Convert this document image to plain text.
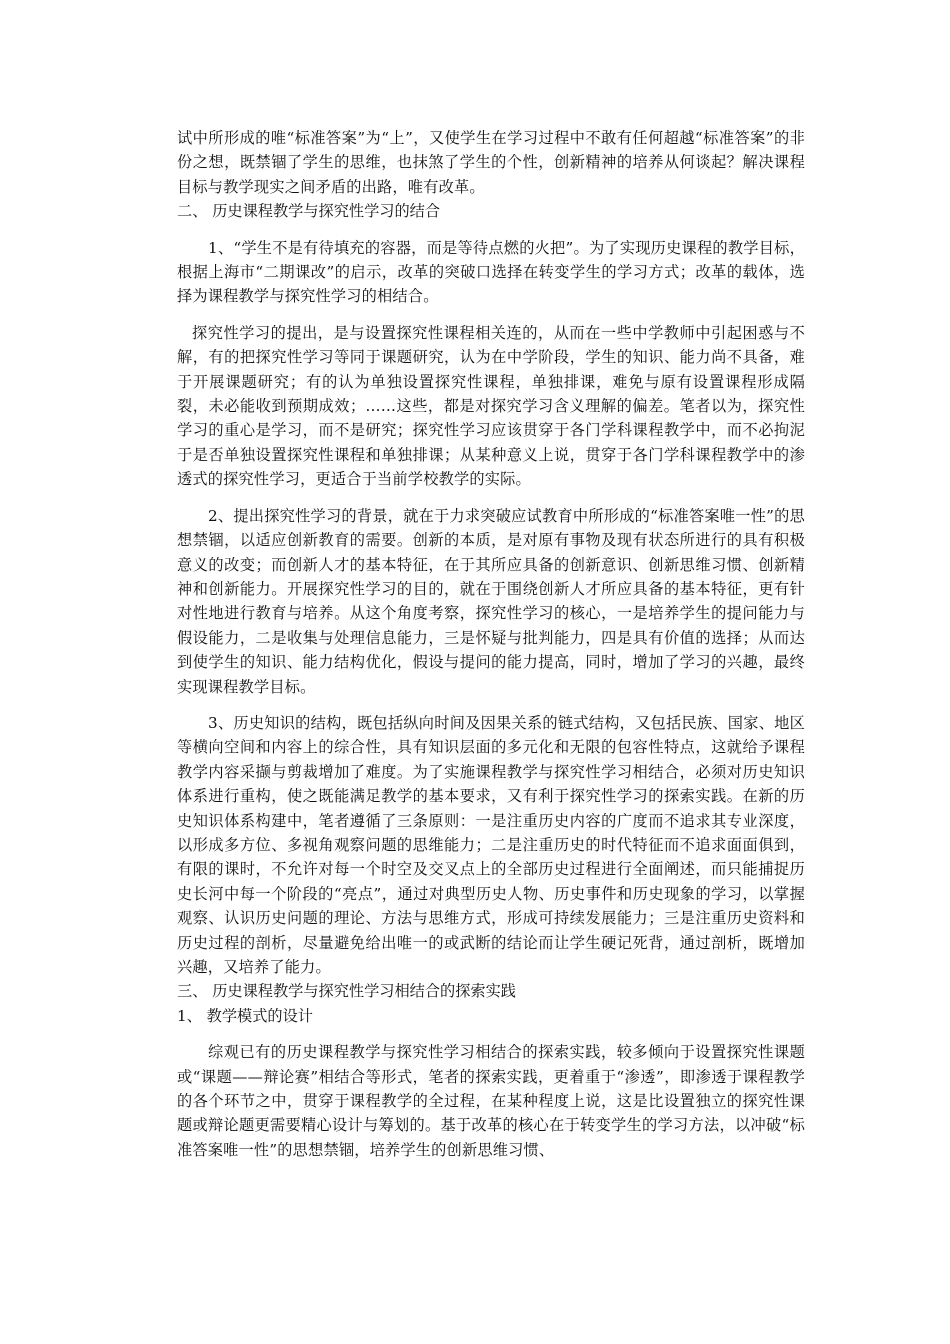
试中所形成的唯“标准答案”为“上”，又使学生在学习过程中不敢有任何超越“标准答案”的非份之想，既禁锢了学生的思维，也抹煞了学生的个性，创新精神的培养从何谈起？解决课程目标与教学现实之间矛盾的出路，唯有改革。

二、 历史课程教学与探究性学习的结合

1、“学生不是有待填充的容器，而是等待点燃的火把”。为了实现历史课程的教学目标，根据上海市“二期课改”的启示，改革的突破口选择在转变学生的学习方式；改革的载体，选择为课程教学与探究性学习的相结合。

探究性学习的提出，是与设置探究性课程相关连的，从而在一些中学教师中引起困惑与不解，有的把探究性学习等同于课题研究，认为在中学阶段，学生的知识、能力尚不具备，难于开展课题研究；有的认为单独设置探究性课程，单独排课，难免与原有设置课程形成隔裂，未必能收到预期成效；……这些，都是对探究学习含义理解的偏差。笔者以为，探究性学习的重心是学习，而不是研究；探究性学习应该贯穿于各门学科课程教学中，而不必拘泥于是否单独设置探究性课程和单独排课；从某种意义上说，贯穿于各门学科课程教学中的渗透式的探究性学习，更适合于当前学校教学的实际。

2、提出探究性学习的背景，就在于力求突破应试教育中所形成的“标准答案唯一性”的思想禁锢，以适应创新教育的需要。创新的本质，是对原有事物及现有状态所进行的具有积极意义的改变；而创新人才的基本特征，在于其所应具备的创新意识、创新思维习惯、创新精神和创新能力。开展探究性学习的目的，就在于围绕创新人才所应具备的基本特征，更有针对性地进行教育与培养。从这个角度考察，探究性学习的核心，一是培养学生的提问能力与假设能力，二是收集与处理信息能力，三是怀疑与批判能力，四是具有价值的选择；从而达到使学生的知识、能力结构优化，假设与提问的能力提高，同时，增加了学习的兴趣，最终实现课程教学目标。

3、历史知识的结构，既包括纵向时间及因果关系的链式结构，又包括民族、国家、地区等横向空间和内容上的综合性，具有知识层面的多元化和无限的包容性特点，这就给予课程教学内容采撷与剪裁增加了难度。为了实施课程教学与探究性学习相结合，必须对历史知识体系进行重构，使之既能满足教学的基本要求，又有利于探究性学习的探索实践。在新的历史知识体系构建中，笔者遵循了三条原则：一是注重历史内容的广度而不追求其专业深度，以形成多方位、多视角观察问题的思维能力；二是注重历史的时代特征而不追求面面俱到，有限的课时，不允许对每一个时空及交叉点上的全部历史过程进行全面阐述，而只能捕捉历史长河中每一个阶段的“亮点”，通过对典型历史人物、历史事件和历史现象的学习，以掌握观察、认识历史问题的理论、方法与思维方式，形成可持续发展能力；三是注重历史资料和历史过程的剖析，尽量避免给出唯一的或武断的结论而让学生硬记死背，通过剖析，既增加兴趣，又培养了能力。

三、 历史课程教学与探究性学习相结合的探索实践

1、 教学模式的设计

综观已有的历史课程教学与探究性学习相结合的探索实践，较多倾向于设置探究性课题或“课题——辩论赛”相结合等形式，笔者的探索实践，更着重于“渗透”，即渗透于课程教学的各个环节之中，贯穿于课程教学的全过程，在某种程度上说，这是比设置独立的探究性课题或辩论题更需要精心设计与筹划的。基于改革的核心在于转变学生的学习方法，以冲破“标准答案唯一性”的思想禁锢，培养学生的创新思维习惯、
